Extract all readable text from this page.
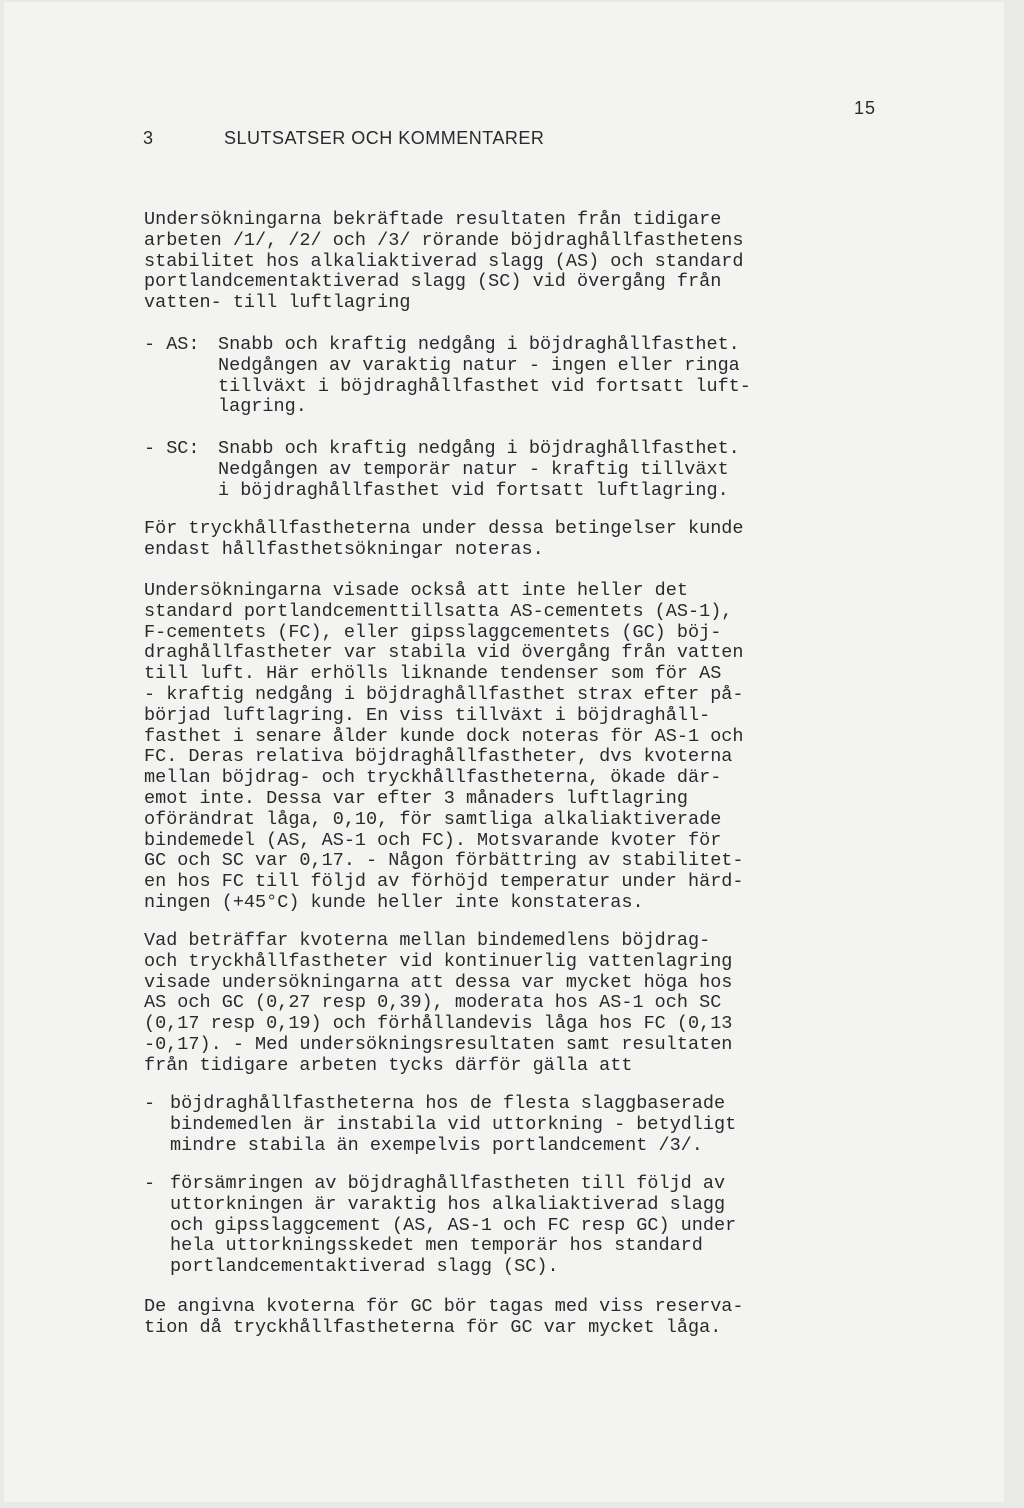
15
3	SLUTSATSER OCH KOMMENTARER

Undersökningarna bekräftade resultaten från tidigare
arbeten /1/, /2/ och /3/ rörande böjdraghållfasthetens
stabilitet hos alkaliaktiverad slagg (AS) och standard
portlandcementaktiverad slagg (SC) vid övergång från
vatten- till luftlagring

- AS: Snabb och kraftig nedgång i böjdraghållfasthet.
Nedgången av varaktig natur - ingen eller ringa
tillväxt i böjdraghållfasthet vid fortsatt luft-
lagring.

- SC: Snabb och kraftig nedgång i böjdraghållfasthet.
Nedgången av temporär natur - kraftig tillväxt
i böjdraghållfasthet vid fortsatt luftlagring.

För tryckhållfastheterna under dessa betingelser kunde
endast hållfasthetsökningar noteras.

Undersökningarna visade också att inte heller det
standard portlandcementtillsatta AS-cementets (AS-1),
F-cementets (FC), eller gipsslaggcementets (GC) böj-
draghållfastheter var stabila vid övergång från vatten
till luft. Här erhölls liknande tendenser som för AS
- kraftig nedgång i böjdraghållfasthet strax efter på-
börjad luftlagring. En viss tillväxt i böjdraghåll-
fasthet i senare ålder kunde dock noteras för AS-1 och
FC. Deras relativa böjdraghållfastheter, dvs kvoterna
mellan böjdrag- och tryckhållfastheterna, ökade där-
emot inte. Dessa var efter 3 månaders luftlagring
oförändrat låga, 0,10, för samtliga alkaliaktiverade
bindemedel (AS, AS-1 och FC). Motsvarande kvoter för
GC och SC var 0,17. - Någon förbättring av stabilitet-
en hos FC till följd av förhöjd temperatur under härd-
ningen (+45°C) kunde heller inte konstateras.

Vad beträffar kvoterna mellan bindemedlens böjdrag-
och tryckhållfastheter vid kontinuerlig vattenlagring
visade undersökningarna att dessa var mycket höga hos
AS och GC (0,27 resp 0,39), moderata hos AS-1 och SC
(0,17 resp 0,19) och förhållandevis låga hos FC (0,13
-0,17). - Med undersökningsresultaten samt resultaten
från tidigare arbeten tycks därför gälla att

- böjdraghållfastheterna hos de flesta slaggbaserade
bindemedlen är instabila vid uttorkning - betydligt
mindre stabila än exempelvis portlandcement /3/.

- försämringen av böjdraghållfastheten till följd av
uttorkningen är varaktig hos alkaliaktiverad slagg
och gipsslaggcement (AS, AS-1 och FC resp GC) under
hela uttorkningsskedet men temporär hos standard
portlandcementaktiverad slagg (SC).

De angivna kvoterna för GC bör tagas med viss reserva-
tion då tryckhållfastheterna för GC var mycket låga.
